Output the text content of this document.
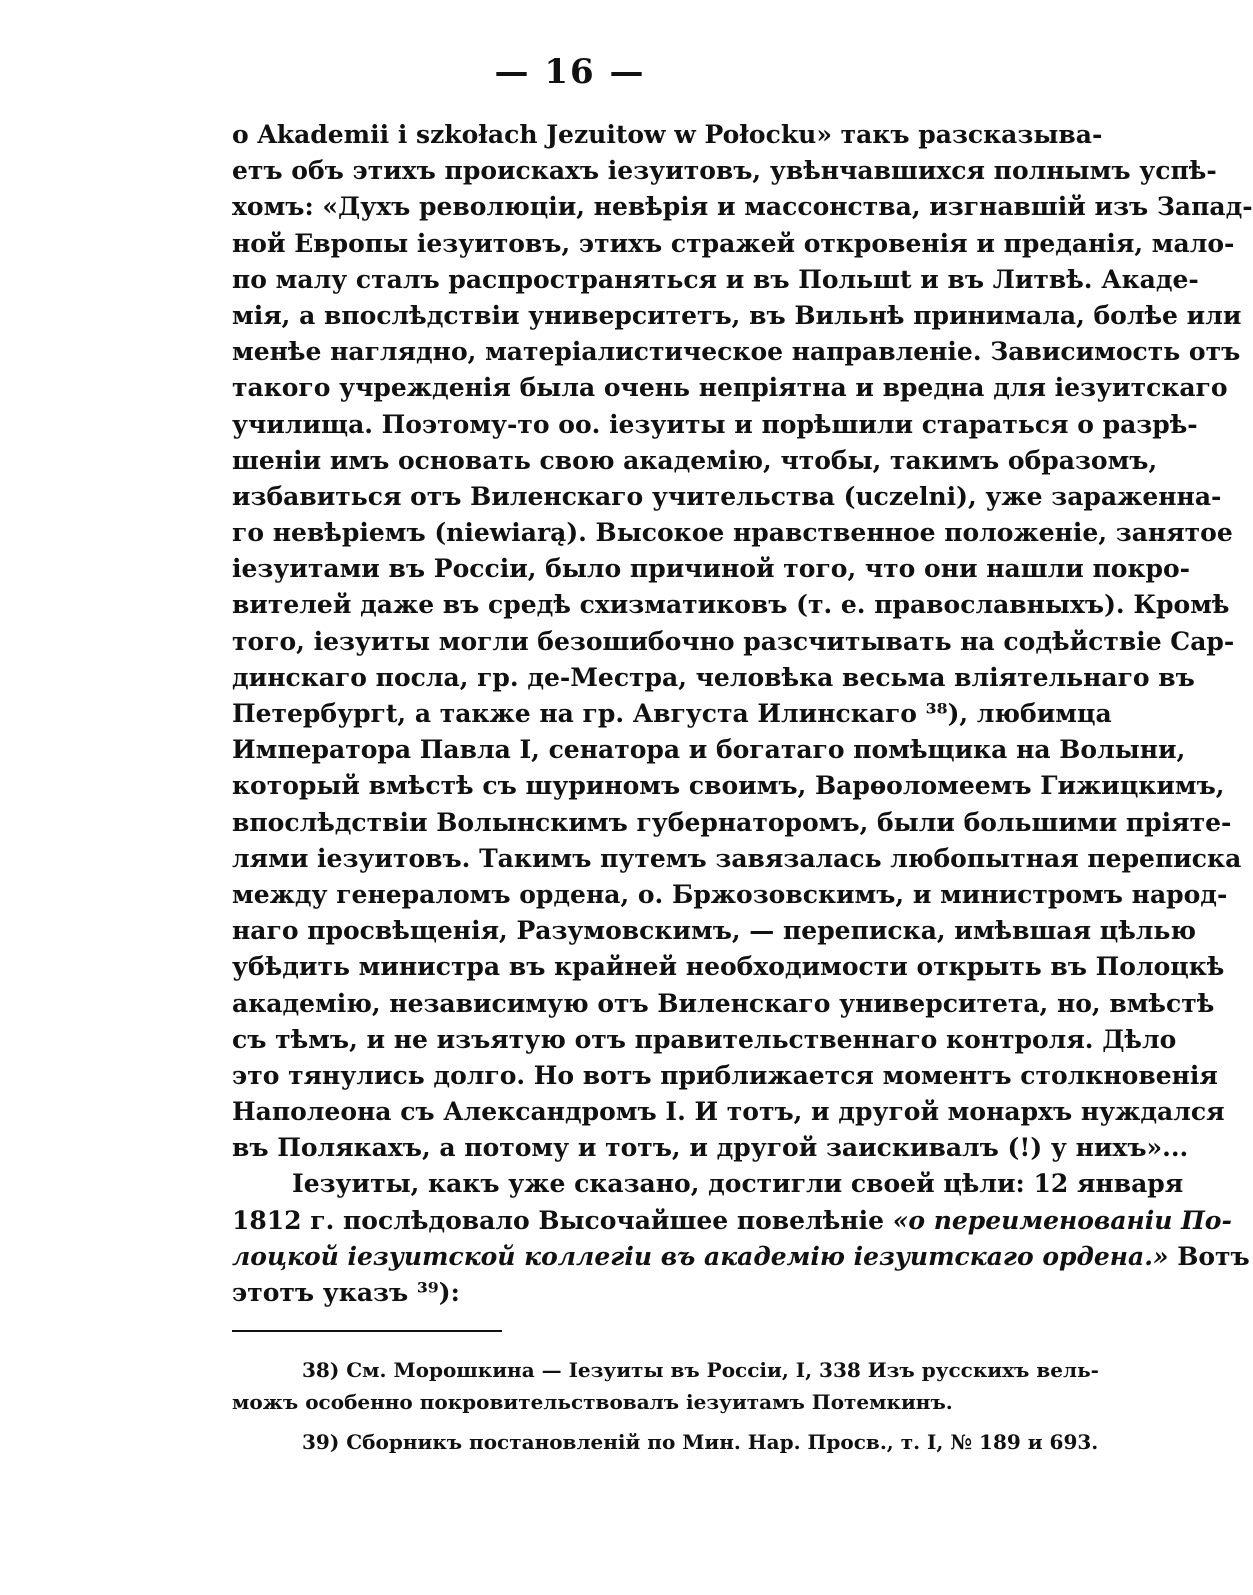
— 16 —
o Akademii i szkołach Jezuitow w Połocku» такъ разсказыва-
етъ объ этихъ проискахъ іезуитовъ, увѣнчавшихся полнымъ успѣ-
хомъ: «Духъ революціи, невѣрія и массонства, изгнавшій изъ Запад-
ной Европы іезуитовъ, этихъ стражей откровенія и преданія, мало-
по малу сталъ распространяться и въ Польшt и въ Литвѣ. Акаде-
мія, а впослѣдствіи университетъ, въ Вильнѣ принимала, болѣе или
менѣе наглядно, матеріалистическое направленіе. Зависимость отъ
такого учрежденія была очень непріятна и вредна для іезуитскаго
училища. Поэтому-то оо. іезуиты и порѣшили стараться о разрѣ-
шеніи имъ основать свою академію, чтобы, такимъ образомъ,
избавиться отъ Виленскаго учительства (uczelni), уже зараженна-
го невѣріемъ (niewiarą). Высокое нравственное положеніе, занятое
іезуитами въ Россіи, было причиной того, что они нашли покро-
вителей даже въ средѣ схизматиковъ (т. е. православныхъ). Кромѣ
того, іезуиты могли безошибочно разсчитывать на содѣйствіе Сар-
динскаго посла, гр. де-Местра, человѣка весьма вліятельнаго въ
Петербургt, а также на гр. Августа Илинскаго ³⁸), любимца
Императора Павла I, сенатора и богатаго помѣщика на Волыни,
который вмѣстѣ съ шуриномъ своимъ, Варѳоломеемъ Гижицкимъ,
впослѣдствіи Волынскимъ губернаторомъ, были большими пріяте-
лями іезуитовъ. Такимъ путемъ завязалась любопытная переписка
между генераломъ ордена, о. Бржозовскимъ, и министромъ народ-
наго просвѣщенія, Разумовскимъ, — переписка, имѣвшая цѣлью
убѣдить министра въ крайней необходимости открыть въ Полоцкѣ
академію, независимую отъ Виленскаго университета, но, вмѣстѣ
съ тѣмъ, и не изъятую отъ правительственнаго контроля. Дѣло
это тянулись долго. Но вотъ приближается моментъ столкновенія
Наполеона съ Александромъ I. И тотъ, и другой монархъ нуждался
въ Полякахъ, а потому и тотъ, и другой заискивалъ (!) у нихъ»...
Іезуиты, какъ уже сказано, достигли своей цѣли: 12 января
1812 г. послѣдовало Высочайшее повелѣніе «о переименованіи По-
лоцкой іезуитской коллегіи въ академію іезуитскаго ордена.» Вотъ
этотъ указъ ³⁹):
38) См. Морошкина — Іезуиты въ Россіи, I, 338 Изъ русскихъ вель-
можъ особенно покровительствовалъ іезуитамъ Потемкинъ.
39) Сборникъ постановленій по Мин. Нар. Просв., т. I, № 189 и 693.
